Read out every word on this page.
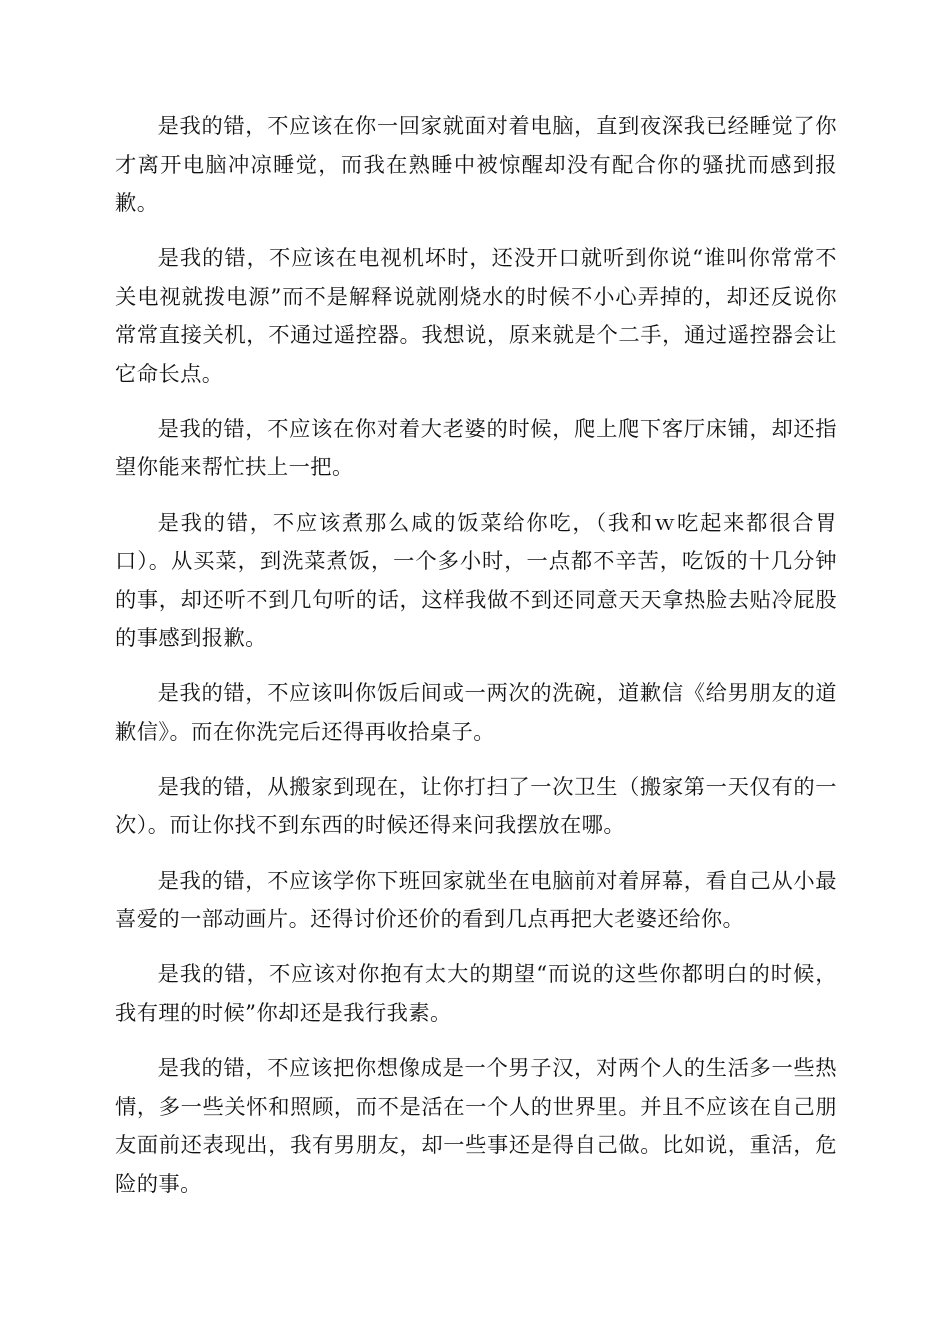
是我的错，不应该在你一回家就面对着电脑，直到夜深我已经睡觉了你才离开电脑冲凉睡觉，而我在熟睡中被惊醒却没有配合你的骚扰而感到报歉。

是我的错，不应该在电视机坏时，还没开口就听到你说“谁叫你常常不关电视就拨电源”而不是解释说就刚烧水的时候不小心弄掉的，却还反说你常常直接关机，不通过遥控器。我想说，原来就是个二手，通过遥控器会让它命长点。

是我的错，不应该在你对着大老婆的时候，爬上爬下客厅床铺，却还指望你能来帮忙扶上一把。

是我的错，不应该煮那么咸的饭菜给你吃，（我和ｗ吃起来都很合胃口）。从买菜，到洗菜煮饭，一个多小时，一点都不辛苦，吃饭的十几分钟的事，却还听不到几句听的话，这样我做不到还同意天天拿热脸去贴冷屁股的事感到报歉。

是我的错，不应该叫你饭后间或一两次的洗碗，道歉信《给男朋友的道歉信》。而在你洗完后还得再收拾桌子。

是我的错，从搬家到现在，让你打扫了一次卫生（搬家第一天仅有的一次）。而让你找不到东西的时候还得来问我摆放在哪。

是我的错，不应该学你下班回家就坐在电脑前对着屏幕，看自己从小最喜爱的一部动画片。还得讨价还价的看到几点再把大老婆还给你。

是我的错，不应该对你抱有太大的期望“而说的这些你都明白的时候，我有理的时候”你却还是我行我素。

是我的错，不应该把你想像成是一个男子汉，对两个人的生活多一些热情，多一些关怀和照顾，而不是活在一个人的世界里。并且不应该在自己朋友面前还表现出，我有男朋友，却一些事还是得自己做。比如说，重活，危险的事。
